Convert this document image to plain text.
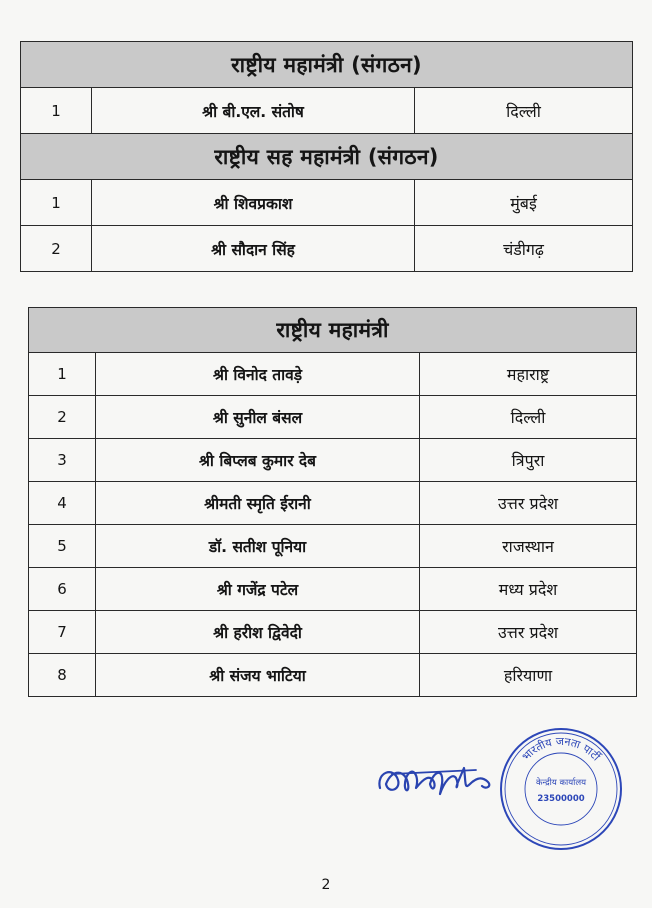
राष्ट्रीय महामंत्री (संगठन)		
1	श्री बी.एल. संतोष	दिल्ली
राष्ट्रीय सह महामंत्री (संगठन)		
1	श्री शिवप्रकाश	मुंबई
2	श्री सौदान सिंह	चंडीगढ़
राष्ट्रीय महामंत्री		
1	श्री विनोद तावड़े	महाराष्ट्र
2	श्री सुनील बंसल	दिल्ली
3	श्री बिप्लब कुमार देब	त्रिपुरा
4	श्रीमती स्मृति ईरानी	उत्तर प्रदेश
5	डॉ. सतीश पूनिया	राजस्थान
6	श्री गजेंद्र पटेल	मध्य प्रदेश
7	श्री हरीश द्विवेदी	उत्तर प्रदेश
8	श्री संजय भाटिया	हरियाणा
भारतीय जनता पार्टी
केन्द्रीय कार्यालय
23500000
2
